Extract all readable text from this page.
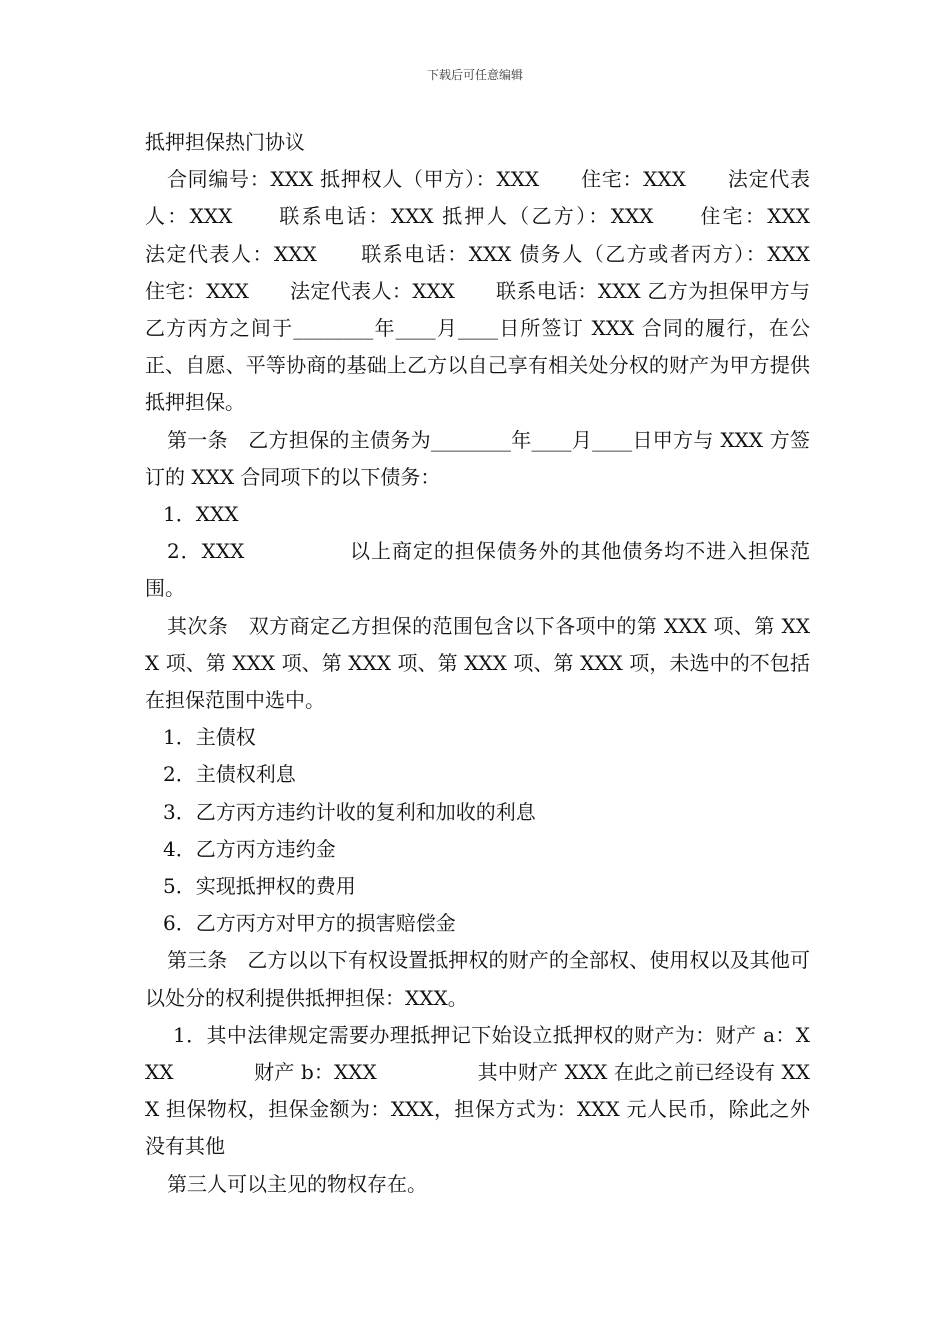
下载后可任意编辑

抵押担保热门协议

合同编号：XXX 抵押权人（甲方）：XXX　　住宅：XXX　　法定代表人：XXX　　联系电话：XXX 抵押人（乙方）：XXX　　住宅：XXX　　法定代表人：XXX　　联系电话：XXX 债务人（乙方或者丙方）：XXX　　住宅：XXX　　法定代表人：XXX　　联系电话：XXX 乙方为担保甲方与乙方丙方之间于________年____月____日所签订 XXX 合同的履行，在公正、自愿、平等协商的基础上乙方以自己享有相关处分权的财产为甲方提供抵押担保。

第一条　乙方担保的主债务为________年____月____日甲方与 XXX 方签订的 XXX 合同项下的以下债务：

1．XXX

2．XXX　　　　　以上商定的担保债务外的其他债务均不进入担保范围。

其次条　双方商定乙方担保的范围包含以下各项中的第 XXX 项、第 XXX 项、第 XXX 项、第 XXX 项、第 XXX 项、第 XXX 项，未选中的不包括在担保范围中选中。

1．主债权

2．主债权利息

3．乙方丙方违约计收的复利和加收的利息

4．乙方丙方违约金

5．实现抵押权的费用

6．乙方丙方对甲方的损害赔偿金

第三条　乙方以以下有权设置抵押权的财产的全部权、使用权以及其他可以处分的权利提供抵押担保：XXX。

1．其中法律规定需要办理抵押记下始设立抵押权的财产为：财产 a：XXX　　　　财产 b：XXX　　　　　其中财产 XXX 在此之前已经设有 XXX 担保物权，担保金额为：XXX，担保方式为：XXX 元人民币，除此之外没有其他

第三人可以主见的物权存在。
